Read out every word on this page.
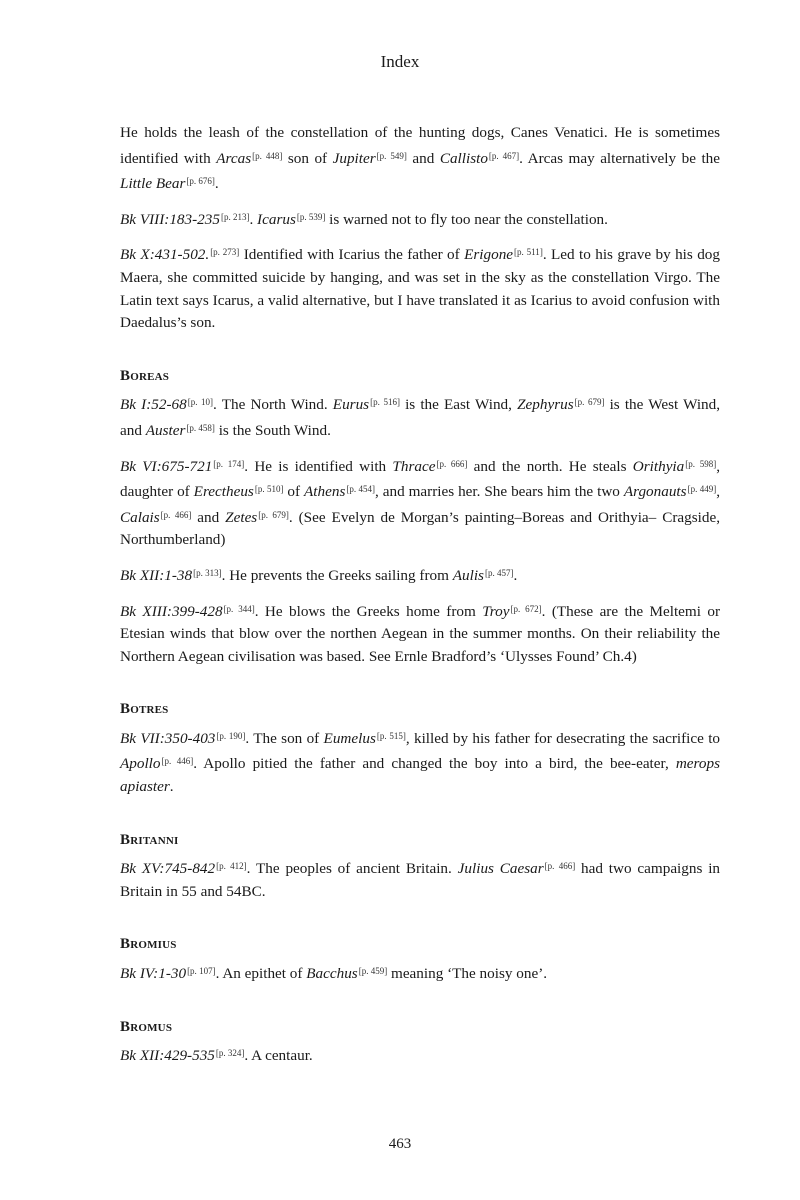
Index

He holds the leash of the constellation of the hunting dogs, Canes Venatici. He is sometimes identified with Arcas [p. $^{448}$ ] son of Jupiter [p. $^{549}$ ] and Callisto [p. $^{467}$ ] . Arcas may alternatively be the Little Bear [p. $^{676}$ ] .

Bk VIII:183-235 [p. $^{213}$ ] . Icarus [p. $^{539}$ ] is warned not to fly too near the constellation.

Bk X:431-502. [p. $^{273}$ ] Identified with Icarius the father of Erigone [p. $^{511}$ ] . Led to his grave by his dog Maera, she committed suicide by hanging, and was set in the sky as the constellation Virgo. The Latin text says Icarus, a valid alternative, but I have translated it as Icarius to avoid confusion with Daedalus’s son.

Boreas

Bk I:52-68 [p. $^{10}$ ] . The North Wind. Eurus [p. $^{516}$ ] is the East Wind, Zephyrus [p. $^{679}$ ] is the West Wind, and Auster [p. $^{458}$ ] is the South Wind.

Bk VI:675-721 [p. $^{174}$ ] . He is identified with Thrace [p. $^{666}$ ] and the north. He steals Orithyia [p. $^{598}$ ] , daughter of Erectheus [p. $^{510}$ ] of Athens [p. $^{454}$ ] , and marries her. She bears him the two Argonauts [p. $^{449}$ ] , Calais [p. $^{466}$ ] and Zetes [p. $^{679}$ ] . (See Evelyn de Morgan’s painting–Boreas and Orithyia– Cragside, Northumberland)

Bk XII:1-38 [p. $^{313}$ ] . He prevents the Greeks sailing from Aulis [p. $^{457}$ ] .

Bk XIII:399-428 [p. $^{344}$ ] . He blows the Greeks home from Troy [p. $^{672}$ ] . (These are the Meltemi or Etesian winds that blow over the northen Aegean in the summer months. On their reliability the Northern Aegean civilisation was based. See Ernle Bradford’s ‘Ulysses Found’ Ch.4)

Botres

Bk VII:350-403 [p. $^{190}$ ] . The son of Eumelus [p. $^{515}$ ] , killed by his father for desecrating the sacrifice to Apollo [p. $^{446}$ ] . Apollo pitied the father and changed the boy into a bird, the bee-eater, merops apiaster.

Britanni

Bk XV:745-842 [p. $^{412}$ ] . The peoples of ancient Britain. Julius Caesar [p. $^{466}$ ] had two campaigns in Britain in 55 and 54BC.

Bromius

Bk IV:1-30 [p. $^{107}$ ] . An epithet of Bacchus [p. $^{459}$ ] meaning ‘The noisy one’.

Bromus

Bk XII:429-535 [p. $^{324}$ ] . A centaur.

463
